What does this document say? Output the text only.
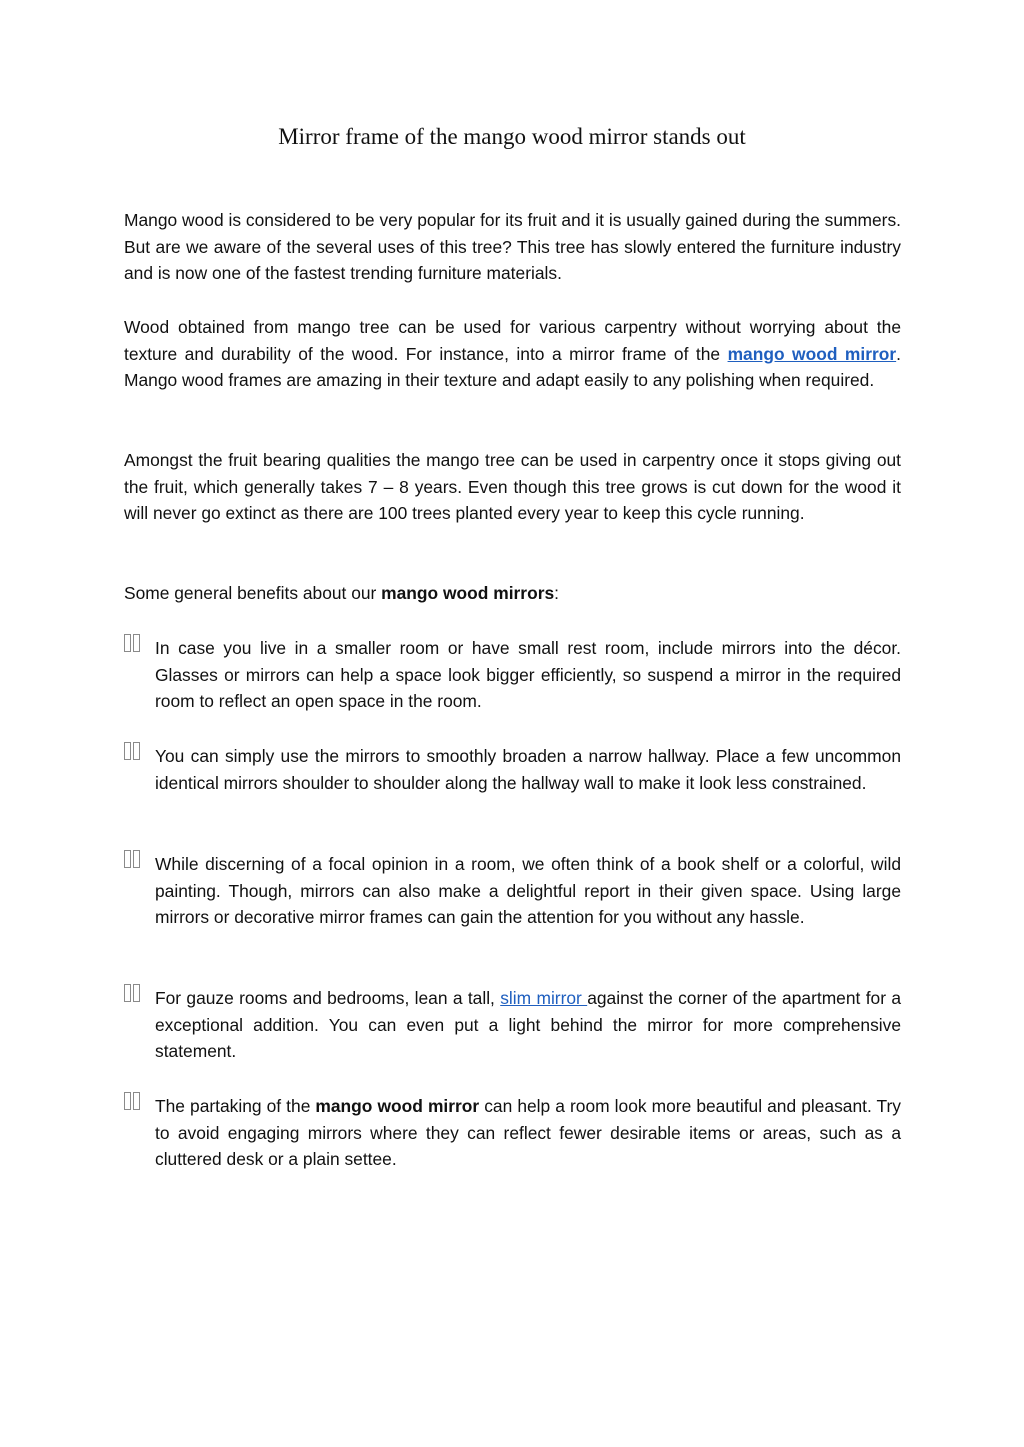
Mirror frame of the mango wood mirror stands out

Mango wood is considered to be very popular for its fruit and it is usually gained during the summers. But are we aware of the several uses of this tree? This tree has slowly entered the furniture industry and is now one of the fastest trending furniture materials.

Wood obtained from mango tree can be used for various carpentry without worrying about the texture and durability of the wood. For instance, into a mirror frame of the mango wood mirror. Mango wood frames are amazing in their texture and adapt easily to any polishing when required.

Amongst the fruit bearing qualities the mango tree can be used in carpentry once it stops giving out the fruit, which generally takes 7 – 8 years. Even though this tree grows is cut down for the wood it will never go extinct as there are 100 trees planted every year to keep this cycle running.

Some general benefits about our mango wood mirrors:

In case you live in a smaller room or have small rest room, include mirrors into the décor. Glasses or mirrors can help a space look bigger efficiently, so suspend a mirror in the required room to reflect an open space in the room.

You can simply use the mirrors to smoothly broaden a narrow hallway. Place a few uncommon identical mirrors shoulder to shoulder along the hallway wall to make it look less constrained.

While discerning of a focal opinion in a room, we often think of a book shelf or a colorful, wild painting. Though, mirrors can also make a delightful report in their given space. Using large mirrors or decorative mirror frames can gain the attention for you without any hassle.

For gauze rooms and bedrooms, lean a tall, slim mirror against the corner of the apartment for a exceptional addition. You can even put a light behind the mirror for more comprehensive statement.

The partaking of the mango wood mirror can help a room look more beautiful and pleasant. Try to avoid engaging mirrors where they can reflect fewer desirable items or areas, such as a cluttered desk or a plain settee.
